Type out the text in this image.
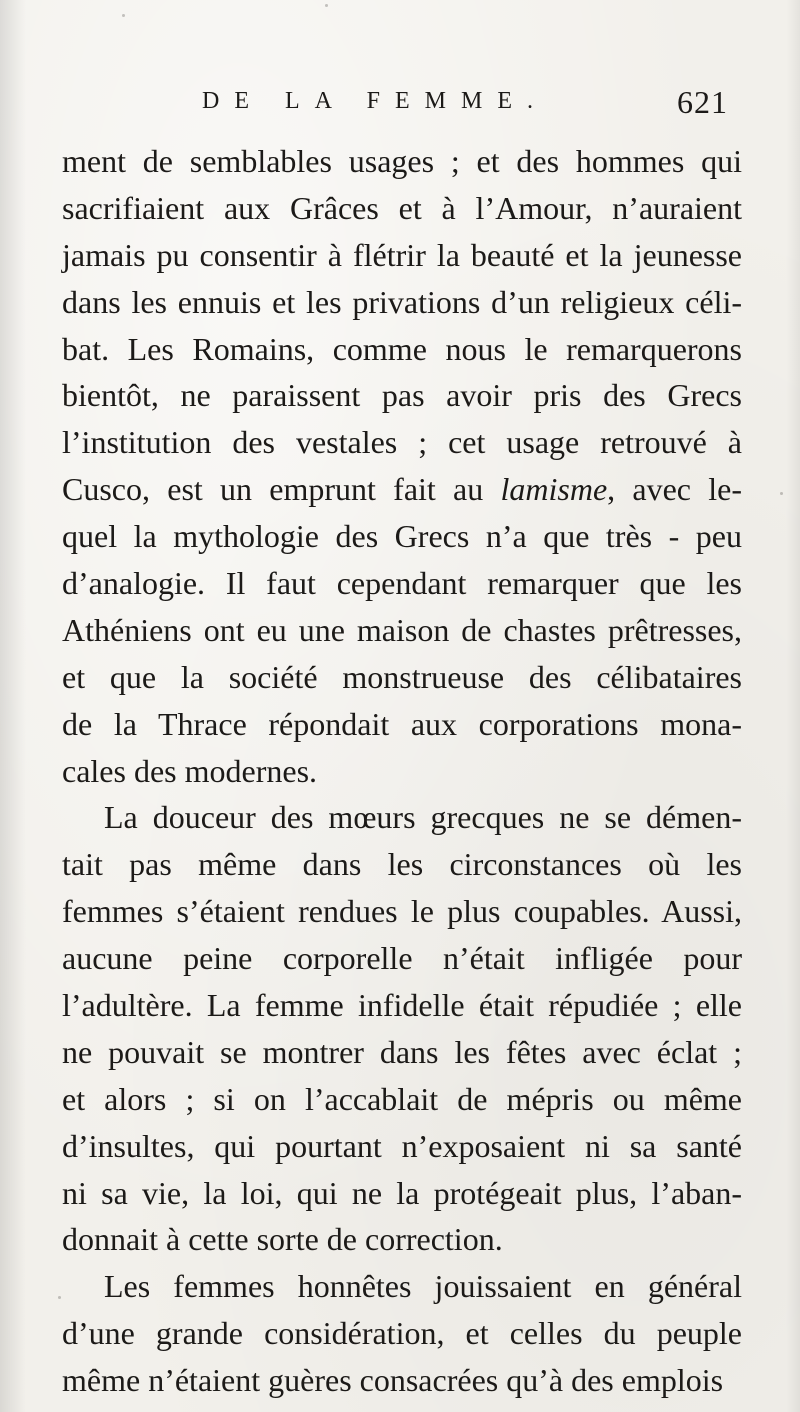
DE LA FEMME.	621
ment de semblables usages ; et des hommes qui
sacrifiaient aux Grâces et à l’Amour, n’auraient
jamais pu consentir à flétrir la beauté et la jeunesse
dans les ennuis et les privations d’un religieux céli-
bat. Les Romains, comme nous le remarquerons
bientôt, ne paraissent pas avoir pris des Grecs
l’institution des vestales ; cet usage retrouvé à
Cusco, est un emprunt fait au lamisme, avec le-
quel la mythologie des Grecs n’a que très - peu
d’analogie. Il faut cependant remarquer que les
Athéniens ont eu une maison de chastes prêtresses,
et que la société monstrueuse des célibataires
de la Thrace répondait aux corporations mona-
cales des modernes.
La douceur des mœurs grecques ne se démen-
tait pas même dans les circonstances où les
femmes s’étaient rendues le plus coupables. Aussi,
aucune peine corporelle n’était infligée pour
l’adultère. La femme infidelle était répudiée ; elle
ne pouvait se montrer dans les fêtes avec éclat ;
et alors ; si on l’accablait de mépris ou même
d’insultes, qui pourtant n’exposaient ni sa santé
ni sa vie, la loi, qui ne la protégeait plus, l’aban-
donnait à cette sorte de correction.
Les femmes honnêtes jouissaient en général
d’une grande considération, et celles du peuple
même n’étaient guères consacrées qu’à des emplois
